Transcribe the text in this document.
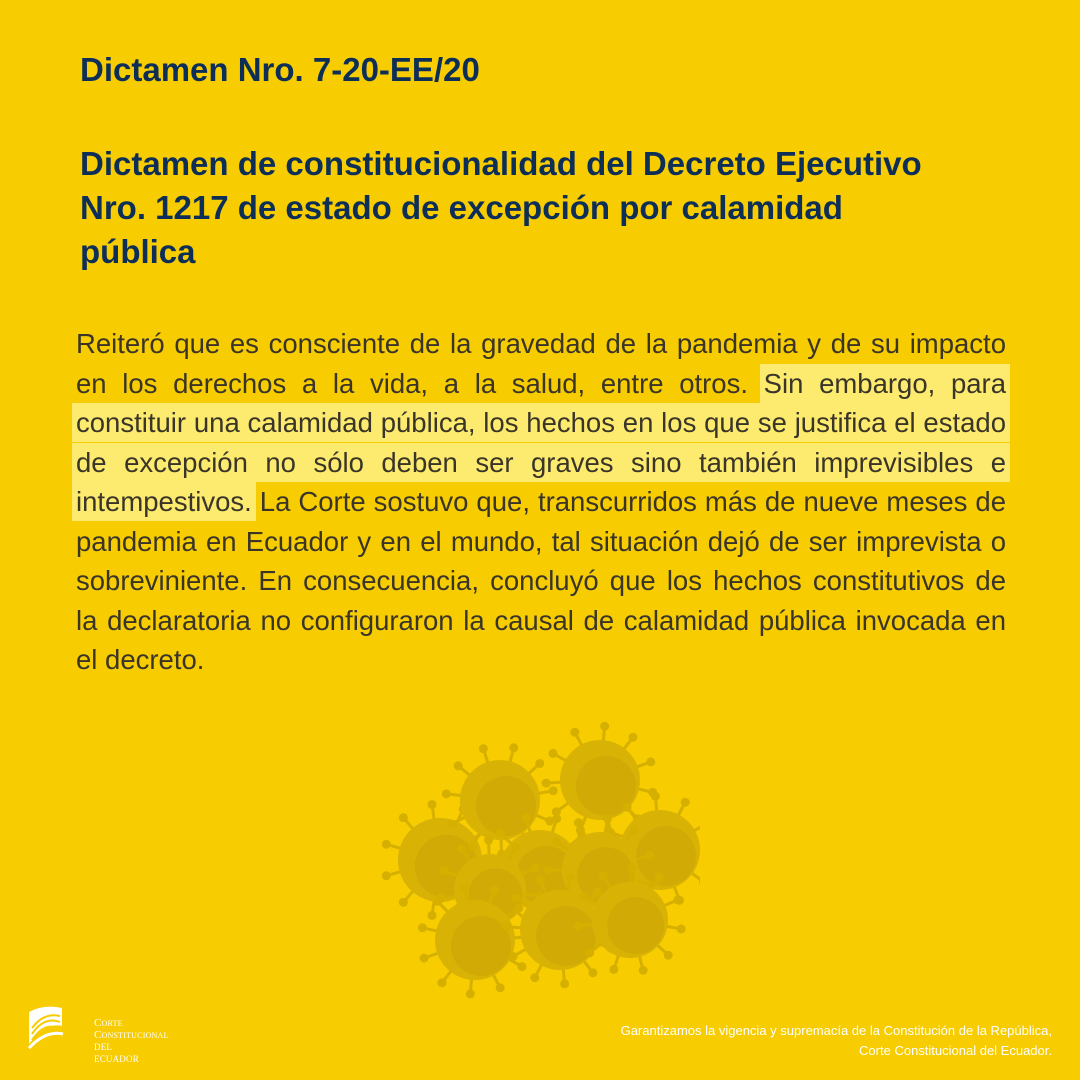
Dictamen Nro. 7-20-EE/20
Dictamen de constitucionalidad del Decreto Ejecutivo Nro. 1217 de estado de excepción por calamidad pública

Reiteró que es consciente de la gravedad de la pandemia y de su impacto en los derechos a la vida, a la salud, entre otros. Sin embargo, para constituir una calamidad pública, los hechos en los que se justifica el estado de excepción no sólo deben ser graves sino también imprevisibles e intempestivos. La Corte sostuvo que, transcurridos más de nueve meses de pandemia en Ecuador y en el mundo, tal situación dejó de ser imprevista o sobreviniente. En consecuencia, concluyó que los hechos constitutivos de la declaratoria no configuraron la causal de calamidad pública invocada en el decreto.

Corte
Constitucional
DEL ECUADOR
Garantizamos la vigencia y supremacía de la Constitución de la República,
Corte Constitucional del Ecuador.
